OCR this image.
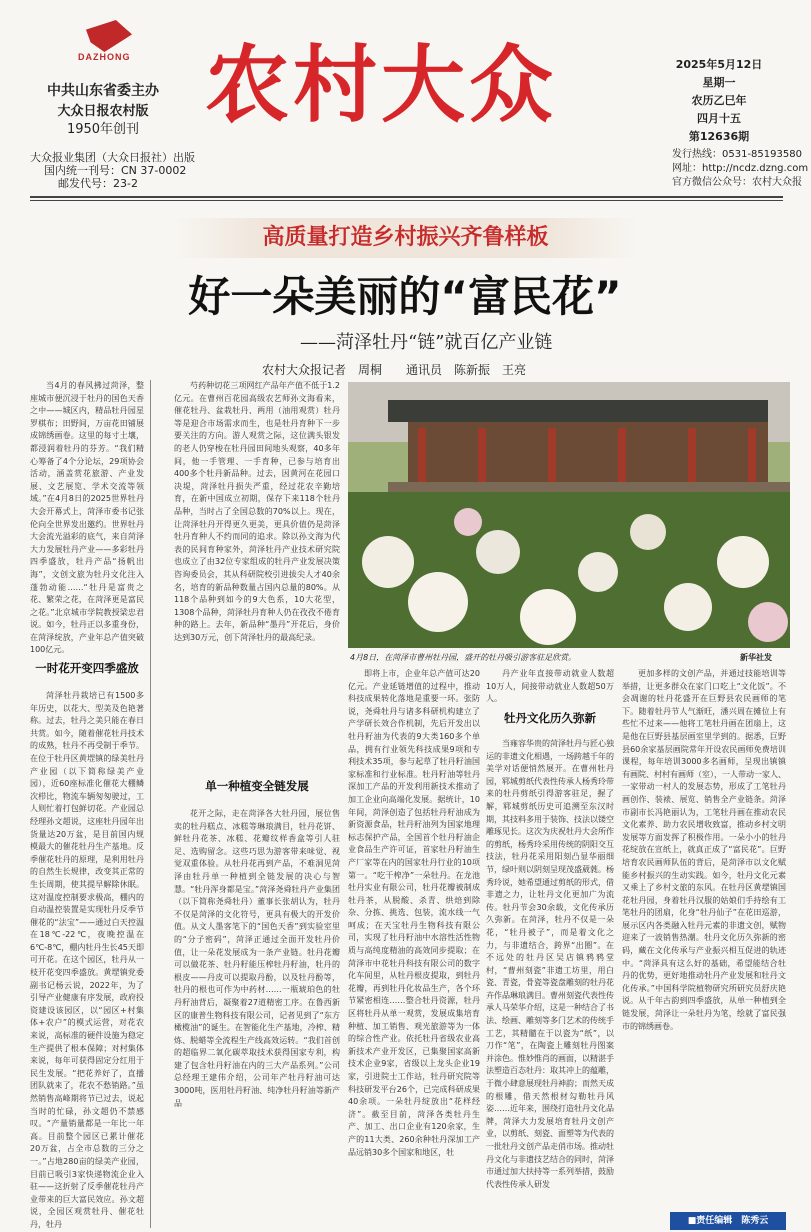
DAZHONG
中共山东省委主办
大众日报农村版
1950年创刊
大众报业集团（大众日报社）出版
国内统一刊号：CN 37-0002
邮发代号：23-2
农村大众	2025年5月12日
星期一
农历乙巳年
四月十五
第12636期
发行热线：0531-85193580
网址：http://ncdz.dzng.com
官方微信公众号：农村大众报
高质量打造乡村振兴齐鲁样板
好一朵美丽的“富民花”
——菏泽牡丹“链”就百亿产业链
农村大众报记者　周桐　　通讯员　陈新振　王亮

当4月的春风拂过菏泽，整座城市便沉浸于牡丹的国色天香之中——城区内，精品牡丹园星罗棋布；田野间，万亩花田铺展成锦绣画卷。这里的每寸土壤，都浸润着牡丹的芬芳。“我们精心筹备了4个分论坛，29项协会活动，涵盖赏花旅游、产业发展、文艺展览、学术交流等领域。”在4月8日的2025世界牡丹大会开幕式上，菏泽市委书记张伦向全世界发出邀约。世界牡丹大会流光溢彩的底气，来自菏泽大力发展牡丹产业——多彩牡丹四季盛放，牡丹产品“扬帆出海”，文创文旅为牡丹文化注入蓬勃动能……“牡丹是富贵之花、繁荣之花，在菏泽更是富民之花。”北京城市学院教授梁忠君说。如今，牡丹正以多重身份，在菏泽绽放，产业年总产值突破100亿元。

一时花开变四季盛放

菏泽牡丹栽培已有1500多年历史，以花大、型美及色艳著称。过去，牡丹之美只能在春日共赏。如今，随着催花牡丹技术的成熟，牡丹不再受制于季节。在位于牡丹区黄堽镇的绿美牡丹产业园（以下简称绿美产业园），近60座标准化催花大棚鳞次栉比，物流车辆匆匆驶过，工人则忙着打包鲜切花。产业园总经理孙文超说，这座牡丹园年出货量达20万盆，是目前国内规模最大的催花牡丹生产基地。反季催花牡丹的原理，是利用牡丹的自然生长规律，改变其正常的生长周期，使其提早解除休眠。这对温度控制要求极高，棚内的自动温控装置是实现牡丹反季节催花的“法宝”——通过白天控温在18℃-22℃，夜晚控温在6℃-8℃，棚内牡丹生长45天即可开花。在这个园区，牡丹从一枝开花变四季盛放。黄堽镇党委副书记杨云说，2022年，为了引导产业健康有序发展，政府投资建设该园区，以“园区+村集体+农户”的模式运营，对花农来说，高标准的硬件设施为稳定生产提供了根本保障；对村集体来说，每年可获得固定分红用于民生发展。“把花养好了，直播团队就来了，花农不愁销路。”虽然销售高峰期将节已过去，说起当时的忙碌，孙文超仍不禁感叹。“产量销量都是一年比一年高。目前整个园区已累计催花20万盆，占全市总数的三分之一。”占地280亩的绿美产业园，目前已吸引3家快递物流企业入驻——这折射了反季催花牡丹产业带来的巨大富民效应。孙文超说，全园区观赏牡丹、催花牡丹，牡丹

芍药种切花三项网红产品年产值不低于1.2亿元。在曹州百花园高级农艺师孙文海看来，催花牡丹、盆栽牡丹、两用（油用观赏）牡丹等是迎合市场需求而生，也是牡丹育种下一步要关注的方向。游人观赏之际，这位满头银发的老人仍穿梭在牡丹园田间地头观察，40多年间，他一手管理、一手育种，已参与培育出400多个牡丹新品种。过去，因黄河在花园口决堤，菏泽牡丹损失严重，经过花农辛勤培育，在新中国成立初期，保存下来118个牡丹品种，当时占了全国总数的70%以上。现在，让菏泽牡丹开得更久更美，更具价值仍是菏泽牡丹育种人不约而同的追求。除以孙文海为代表的民间育种家外，菏泽牡丹产业技术研究院也成立了由32位专家组成的牡丹产业发展决策咨询委员会，其从科研院校引进拔尖人才40余名，培育的新品种数量占国内总量的80%。从118个品种到如今的9大色系，10大花型，1308个品种，菏泽牡丹育种人仍在孜孜不倦育种的路上。去年，新品种“墨丹”开花后，身价达到30万元，创下菏泽牡丹的最高纪录。

单一种植变全链发展

花开之际，走在菏泽各大牡丹园，展位售卖的牡丹糕点、冰糕等琳琅满目，牡丹花饼、鲜牡丹花茶、冰糕、花瓣纹样香盒等引人驻足、选购留念。这些巧思为游客带来味觉、视觉双重体验。从牡丹花再到产品，不难洞见菏泽由牡丹单一种植到全链发展的决心与智慧。“牡丹浑身都是宝。”菏泽尧舜牡丹产业集团（以下简称尧舜牡丹）董事长张胡认为，牡丹不仅是菏泽的文化符号，更具有极大的开发价值。从文人墨客笔下的“国色天香”到实验室里的“分子密码”，菏泽正通过全面开发牡丹价值，让一朵花发展成为一条产业链。牡丹花瓣可以做花茶、牡丹籽能压榨牡丹籽油，牡丹的根皮——丹皮可以提取丹酚，以及牡丹酚等，牡丹的根也可作为中药材……一瓶琥珀色的牡丹籽油背后，凝聚着27道精密工序。在鲁西新区的康普生物科技有限公司，记者见到了“东方橄榄油”的诞生。在智能化生产基地，冷榨、精炼、脱蜡等全流程生产线高效运转。“我们首创的超临界二氧化碳萃取技术获得国家专利，构建了包含牡丹籽油在内的三大产品系列。”公司总经理王建伟介绍，公司年产牡丹籽油可达3000吨，医用牡丹籽油、纯净牡丹籽油等新产品

4月8日，在菏泽市曹州牡丹园，盛开的牡丹吸引游客驻足欣赏。	新华社发

即将上市，企业年总产值可达20亿元。产业延链增值的过程中，推动科技成果转化落地是重要一环。张防说，尧舜牡丹与诸多科研机构建立了产学研长效合作机制，先后开发出以牡丹籽油为代表的9大类160多个单品，拥有行业领先科技成果9项和专利技术35项，参与起草了牡丹籽油国家标准和行业标准。牡丹籽油等牡丹深加工产品的开发利用新技术推动了加工企业向高端化发展。据统计，10年间，菏泽创造了包括牡丹籽油成为新资源食品，牡丹籽油列为国家地理标志保护产品，全国首个牡丹籽油企业食品生产许可证，首家牡丹籽油生产厂家等在内的国家牡丹行业的10项第一。“吃干榨净”一朵牡丹。在龙池牡丹实业有限公司，牡丹花瓣被制成牡丹茶，从脱酸、杀青、烘焙到除杂、分拣、挑选、包装，流水线一气呵成；在天宝牡丹生物科技有限公司，实现了牡丹籽油中水溶性活性物质与高纯度精油的高效同步提取；在菏泽市中花牡丹科技有限公司的数字化车间里，从牡丹根皮提取，到牡丹花瓣，再到牡丹化妆品生产，各个环节紧密相连……整合牡丹资源，牡丹区将牡丹从单一观赏，发展成集培育种植、加工销售、观光旅游等为一体的综合性产业。依托牡丹省级农业高新技术产业开发区，已集聚国家高新技术企业9家，省级以上龙头企业19家，引进院士工作站，牡丹研究院等科技研发平台26个，已完成科研成果40余项。一朵牡丹绽放出“花样经济”。截至目前，菏泽各类牡丹生产、加工、出口企业有120余家，生产的11大类、260余种牡丹深加工产品远销30多个国家和地区，牡

丹产业年直接带动就业人数超10万人，间接带动就业人数超50万人。

牡丹文化历久弥新

当雍容华贵的菏泽牡丹与匠心独运的非遗文化相遇，一场跨越千年的美学对话便悄然展开。在曹州牡丹园，郓城剪纸代表性传承人杨秀玲带来的牡丹剪纸引得游客驻足，握了解，郓城剪纸历史可追溯至东汉时期，其技料多用于装饰、技法以镂空雕琢见长。这次为庆祝牡丹大会所作的剪纸，杨秀玲采用传统的阴阳交互技法，牡丹花采用阳刻凸显华丽细节，绿叶则以阴刻呈现茂盛葳蕤。杨秀玲说，她希望通过剪纸的形式，借非遗之力，让牡丹文化更加广为流传。牡丹节会30余载，文化传承历久弥新。在菏泽，牡丹不仅是一朵花，“牡丹被子”，而是着文化之力，与非遗结合，跨界“出圈”。在不远处的牡丹区吴店镇鸦鸦堂村，“曹州刻瓷”非遗工坊里，用白瓷、青瓷，骨瓷等瓷盘雕刻的牡丹花卉作品琳琅满目。曹州刻瓷代表性传承人马荣华介绍，这是一种结合了书法、绘画、雕刻等多门艺术的传统手工艺，其精髓在于以瓷为“纸”，以刀作“笔”，在陶瓷上雕刻牡丹图案并涂色。惟妙惟肖的画面，以精湛手法塑造百态牡丹：取其冲上的蕴雕，于微小肆意展现牡丹神韵；而然天成的根雕，借天然根材勾勒牡丹风姿……近年来，围绕打造牡丹文化品牌，菏泽大力发展培育牡丹文创产业，以剪纸、刻瓷、面塑等为代表的一批牡丹文创产品走俏市场。推动牡丹文化与非遗技艺结合的同时，菏泽市通过加大扶持等一系列举措，鼓励代表性传承人研发

更加多样的文创产品，并通过技能培训等举措，让更多群众在家门口吃上“文化饭”。不会凋谢的牡丹花盛开在巨野县农民画师的笔下。随着牡丹节人气渐旺，潘兴周在摊位上有些忙不过来——他将工笔牡丹画在团扇上，这是他在巨野县基层画室里学到的。据悉，巨野县60余家基层画院常年开设农民画师免费培训课程，每年培训3000多名画师，呈现出镇镇有画院、村村有画师（室），一人带动一家人、一家带动一村人的发展态势，形成了工笔牡丹画创作、装裱、展览、销售全产业链条。菏泽市副市长冯艳丽认为，工笔牡丹画在推动农民文化素养、助力农民增收致富，推动乡村文明发展等方面发挥了积极作用。一朵小小的牡丹花绽放在宣纸上，就真正成了“富民花”。巨野培育农民画师队伍的背后，是菏泽市以文化赋能乡村振兴的生动实践。如今，牡丹文化元素又乘上了乡村文旅的东风。在牡丹区黄堽镇国花牡丹园，身着牡丹汉服的姑娘们手持绘有工笔牡丹的团扇，化身“牡丹仙子”在花田巡游，展示区内各类融入牡丹元素的非遗文创，赋物迎来了一波销售热潮。牡丹文化历久弥新的密码，藏在文化传承与产业振兴相互促进的轨迹中。“菏泽具有这么好的基础，希望能结合牡丹的优势，更好地推动牡丹产业发展和牡丹文化传承。”中国科学院植物研究所研究员舒庆艳说。从千年古韵到四季盛放，从单一种植到全链发展，菏泽让一朵牡丹为笔，绘就了富民强市的锦绣画卷。

■责任编辑　陈秀云
